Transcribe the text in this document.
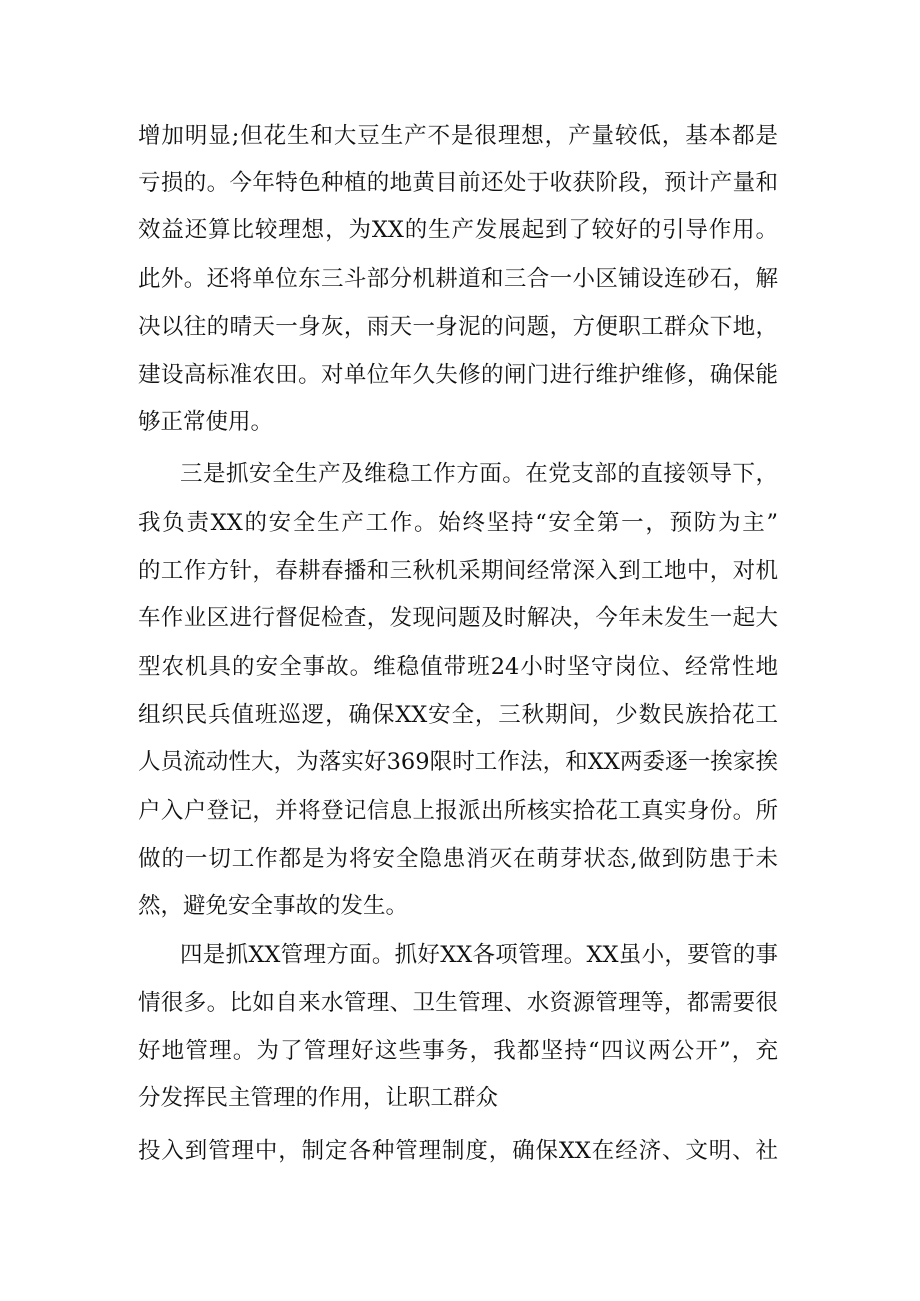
增加明显;但花生和大豆生产不是很理想，产量较低，基本都是
亏损的。今年特色种植的地黄目前还处于收获阶段，预计产量和
效益还算比较理想，为XX的生产发展起到了较好的引导作用。
此外。还将单位东三斗部分机耕道和三合一小区铺设连砂石，解
决以往的晴天一身灰，雨天一身泥的问题，方便职工群众下地，
建设高标准农田。对单位年久失修的闸门进行维护维修，确保能
够正常使用。
三是抓安全生产及维稳工作方面。在党支部的直接领导下，
我负责XX的安全生产工作。始终坚持“安全第一，预防为主”
的工作方针，春耕春播和三秋机采期间经常深入到工地中，对机
车作业区进行督促检查，发现问题及时解决，今年未发生一起大
型农机具的安全事故。维稳值带班24小时坚守岗位、经常性地
组织民兵值班巡逻，确保XX安全，三秋期间，少数民族拾花工
人员流动性大，为落实好369限时工作法，和XX两委逐一挨家挨
户入户登记，并将登记信息上报派出所核实拾花工真实身份。所
做的一切工作都是为将安全隐患消灭在萌芽状态,做到防患于未
然，避免安全事故的发生。
四是抓XX管理方面。抓好XX各项管理。XX虽小，要管的事
情很多。比如自来水管理、卫生管理、水资源管理等，都需要很
好地管理。为了管理好这些事务，我都坚持“四议两公开”，充
分发挥民主管理的作用，让职工群众
投入到管理中，制定各种管理制度，确保XX在经济、文明、社
